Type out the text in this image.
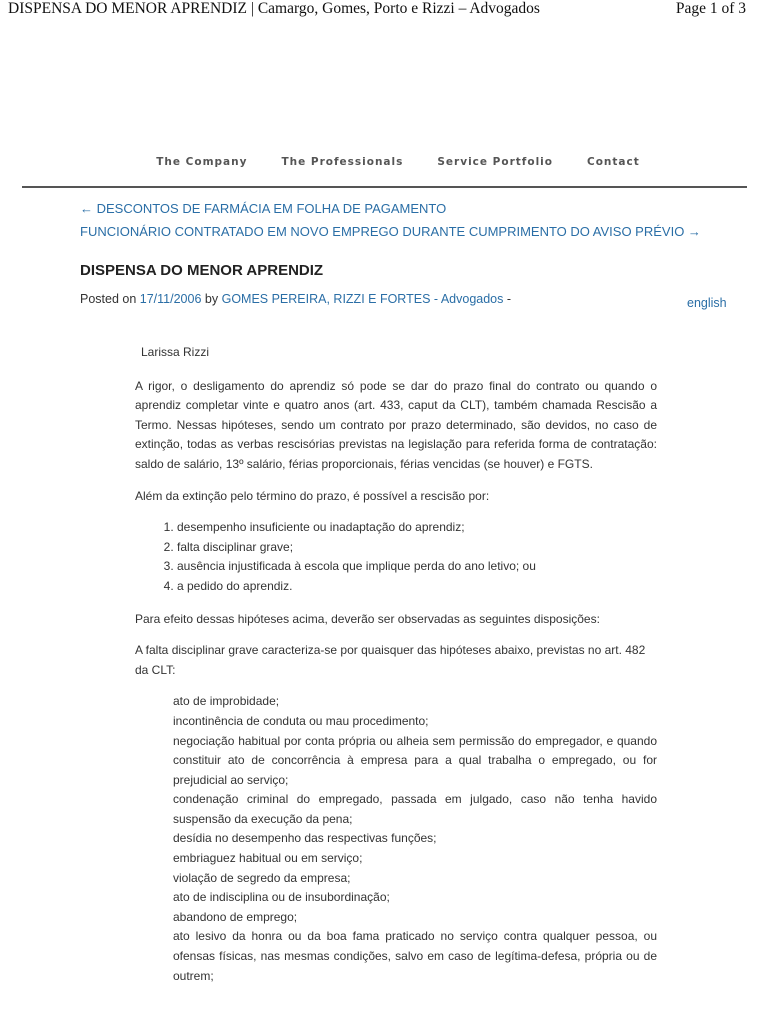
DISPENSA DO MENOR APRENDIZ | Camargo, Gomes, Porto e Rizzi – Advogados	Page 1 of 3
The Company	The Professionals	Service Portfolio	Contact
← DESCONTOS DE FARMÁCIA EM FOLHA DE PAGAMENTO
FUNCIONÁRIO CONTRATADO EM NOVO EMPREGO DURANTE CUMPRIMENTO DO AVISO PRÉVIO →
DISPENSA DO MENOR APRENDIZ
Posted on 17/11/2006 by GOMES PEREIRA, RIZZI E FORTES - Advogados -	english

Larissa Rizzi

A rigor, o desligamento do aprendiz só pode se dar do prazo final do contrato ou quando o aprendiz completar vinte e quatro anos (art. 433, caput da CLT), também chamada Rescisão a Termo. Nessas hipóteses, sendo um contrato por prazo determinado, são devidos, no caso de extinção, todas as verbas rescisórias previstas na legislação para referida forma de contratação: saldo de salário, 13º salário, férias proporcionais, férias vencidas (se houver) e FGTS.

Além da extinção pelo término do prazo, é possível a rescisão por:

1. desempenho insuficiente ou inadaptação do aprendiz;
2. falta disciplinar grave;
3. ausência injustificada à escola que implique perda do ano letivo; ou
4. a pedido do aprendiz.

Para efeito dessas hipóteses acima, deverão ser observadas as seguintes disposições:

A falta disciplinar grave caracteriza-se por quaisquer das hipóteses abaixo, previstas no art. 482 da CLT:

ato de improbidade;
incontinência de conduta ou mau procedimento;
negociação habitual por conta própria ou alheia sem permissão do empregador, e quando constituir ato de concorrência à empresa para a qual trabalha o empregado, ou for prejudicial ao serviço;
condenação criminal do empregado, passada em julgado, caso não tenha havido suspensão da execução da pena;
desídia no desempenho das respectivas funções;
embriaguez habitual ou em serviço;
violação de segredo da empresa;
ato de indisciplina ou de insubordinação;
abandono de emprego;
ato lesivo da honra ou da boa fama praticado no serviço contra qualquer pessoa, ou ofensas físicas, nas mesmas condições, salvo em caso de legítima-defesa, própria ou de outrem;
